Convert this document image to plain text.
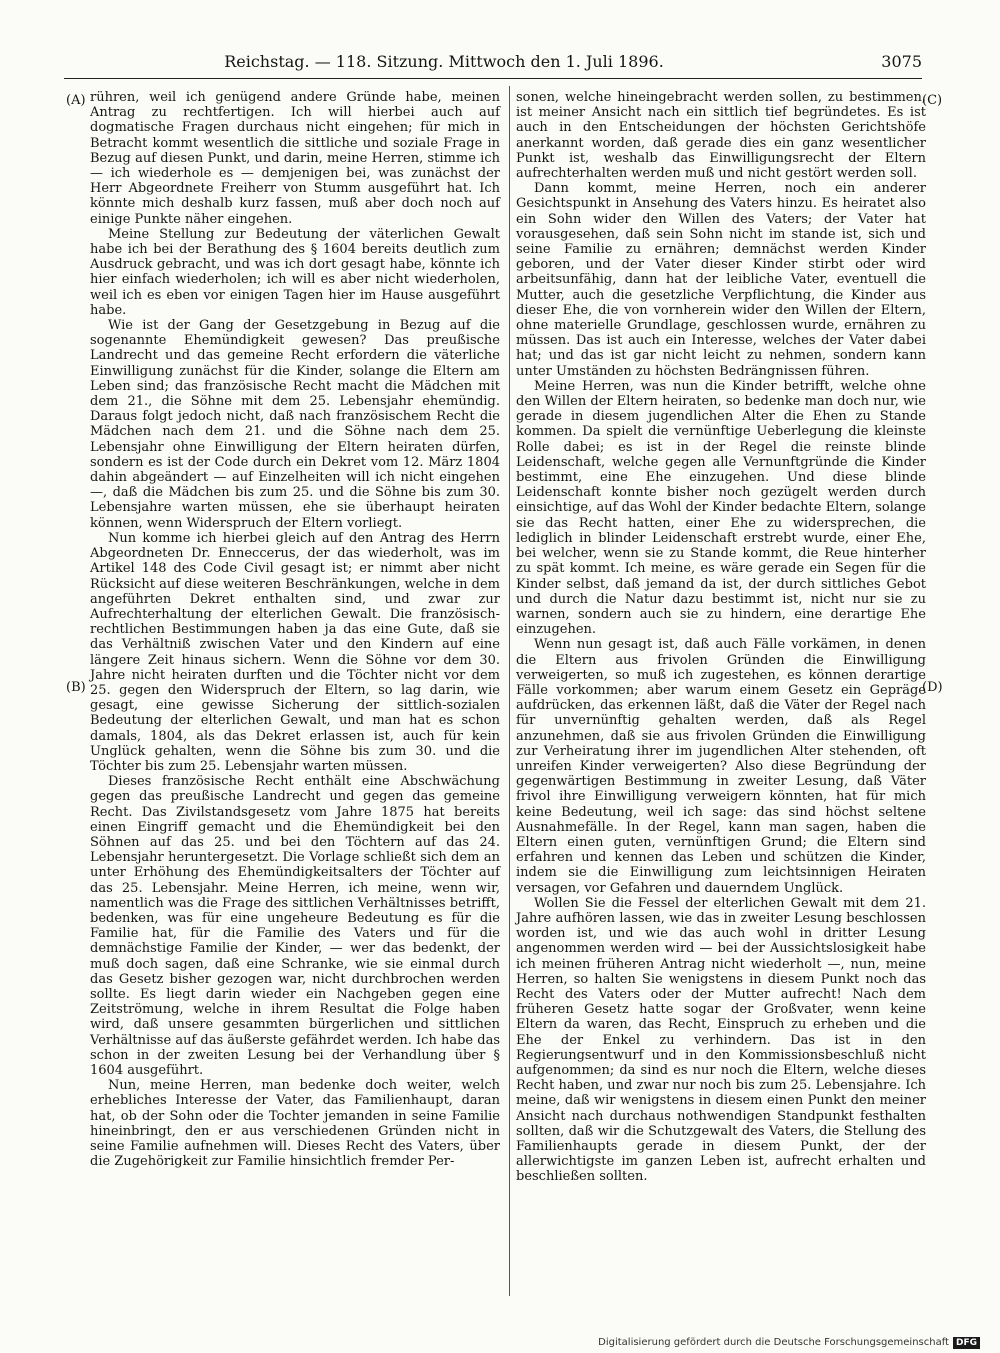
Reichstag. — 118. Sitzung. Mittwoch den 1. Juli 1896.	3075
(A)
(B)
(C)
(D)

rühren, weil ich genügend andere Gründe habe, meinen Antrag zu rechtfertigen. Ich will hierbei auch auf dogmatische Fragen durchaus nicht eingehen; für mich in Betracht kommt wesentlich die sittliche und soziale Frage in Bezug auf diesen Punkt, und darin, meine Herren, stimme ich — ich wiederhole es — demjenigen bei, was zunächst der Herr Abgeordnete Freiherr von Stumm ausgeführt hat. Ich könnte mich deshalb kurz fassen, muß aber doch noch auf einige Punkte näher eingehen.

Meine Stellung zur Bedeutung der väterlichen Gewalt habe ich bei der Berathung des § 1604 bereits deutlich zum Ausdruck gebracht, und was ich dort gesagt habe, könnte ich hier einfach wiederholen; ich will es aber nicht wiederholen, weil ich es eben vor einigen Tagen hier im Hause ausgeführt habe.

Wie ist der Gang der Gesetzgebung in Bezug auf die sogenannte Ehemündigkeit gewesen? Das preußische Landrecht und das gemeine Recht erfordern die väterliche Einwilligung zunächst für die Kinder, solange die Eltern am Leben sind; das französische Recht macht die Mädchen mit dem 21., die Söhne mit dem 25. Lebensjahr ehemündig. Daraus folgt jedoch nicht, daß nach französischem Recht die Mädchen nach dem 21. und die Söhne nach dem 25. Lebensjahr ohne Einwilligung der Eltern heiraten dürfen, sondern es ist der Code durch ein Dekret vom 12. März 1804 dahin abgeändert — auf Einzelheiten will ich nicht eingehen —, daß die Mädchen bis zum 25. und die Söhne bis zum 30. Lebensjahre warten müssen, ehe sie überhaupt heiraten können, wenn Widerspruch der Eltern vorliegt.

Nun komme ich hierbei gleich auf den Antrag des Herrn Abgeordneten Dr. Enneccerus, der das wiederholt, was im Artikel 148 des Code Civil gesagt ist; er nimmt aber nicht Rücksicht auf diese weiteren Beschränkungen, welche in dem angeführten Dekret enthalten sind, und zwar zur Aufrechterhaltung der elterlichen Gewalt. Die französisch-rechtlichen Bestimmungen haben ja das eine Gute, daß sie das Verhältniß zwischen Vater und den Kindern auf eine längere Zeit hinaus sichern. Wenn die Söhne vor dem 30. Jahre nicht heiraten durften und die Töchter nicht vor dem 25. gegen den Widerspruch der Eltern, so lag darin, wie gesagt, eine gewisse Sicherung der sittlich-sozialen Bedeutung der elterlichen Gewalt, und man hat es schon damals, 1804, als das Dekret erlassen ist, auch für kein Unglück gehalten, wenn die Söhne bis zum 30. und die Töchter bis zum 25. Lebensjahr warten müssen.

Dieses französische Recht enthält eine Abschwächung gegen das preußische Landrecht und gegen das gemeine Recht. Das Zivilstandsgesetz vom Jahre 1875 hat bereits einen Eingriff gemacht und die Ehemündigkeit bei den Söhnen auf das 25. und bei den Töchtern auf das 24. Lebensjahr heruntergesetzt. Die Vorlage schließt sich dem an unter Erhöhung des Ehemündigkeitsalters der Töchter auf das 25. Lebensjahr. Meine Herren, ich meine, wenn wir, namentlich was die Frage des sittlichen Verhältnisses betrifft, bedenken, was für eine ungeheure Bedeutung es für die Familie hat, für die Familie des Vaters und für die demnächstige Familie der Kinder, — wer das bedenkt, der muß doch sagen, daß eine Schranke, wie sie einmal durch das Gesetz bisher gezogen war, nicht durchbrochen werden sollte. Es liegt darin wieder ein Nachgeben gegen eine Zeitströmung, welche in ihrem Resultat die Folge haben wird, daß unsere gesammten bürgerlichen und sittlichen Verhältnisse auf das äußerste gefährdet werden. Ich habe das schon in der zweiten Lesung bei der Verhandlung über § 1604 ausgeführt.

Nun, meine Herren, man bedenke doch weiter, welch erhebliches Interesse der Vater, das Familienhaupt, daran hat, ob der Sohn oder die Tochter jemanden in seine Familie hineinbringt, den er aus verschiedenen Gründen nicht in seine Familie aufnehmen will. Dieses Recht des Vaters, über die Zugehörigkeit zur Familie hinsichtlich fremder Per-

sonen, welche hineingebracht werden sollen, zu bestimmen, ist meiner Ansicht nach ein sittlich tief begründetes. Es ist auch in den Entscheidungen der höchsten Gerichtshöfe anerkannt worden, daß gerade dies ein ganz wesentlicher Punkt ist, weshalb das Einwilligungsrecht der Eltern aufrechterhalten werden muß und nicht gestört werden soll.

Dann kommt, meine Herren, noch ein anderer Gesichtspunkt in Ansehung des Vaters hinzu. Es heiratet also ein Sohn wider den Willen des Vaters; der Vater hat vorausgesehen, daß sein Sohn nicht im stande ist, sich und seine Familie zu ernähren; demnächst werden Kinder geboren, und der Vater dieser Kinder stirbt oder wird arbeitsunfähig, dann hat der leibliche Vater, eventuell die Mutter, auch die gesetzliche Verpflichtung, die Kinder aus dieser Ehe, die von vornherein wider den Willen der Eltern, ohne materielle Grundlage, geschlossen wurde, ernähren zu müssen. Das ist auch ein Interesse, welches der Vater dabei hat; und das ist gar nicht leicht zu nehmen, sondern kann unter Umständen zu höchsten Bedrängnissen führen.

Meine Herren, was nun die Kinder betrifft, welche ohne den Willen der Eltern heiraten, so bedenke man doch nur, wie gerade in diesem jugendlichen Alter die Ehen zu Stande kommen. Da spielt die vernünftige Ueberlegung die kleinste Rolle dabei; es ist in der Regel die reinste blinde Leidenschaft, welche gegen alle Vernunftgründe die Kinder bestimmt, eine Ehe einzugehen. Und diese blinde Leidenschaft konnte bisher noch gezügelt werden durch einsichtige, auf das Wohl der Kinder bedachte Eltern, solange sie das Recht hatten, einer Ehe zu widersprechen, die lediglich in blinder Leidenschaft erstrebt wurde, einer Ehe, bei welcher, wenn sie zu Stande kommt, die Reue hinterher zu spät kommt. Ich meine, es wäre gerade ein Segen für die Kinder selbst, daß jemand da ist, der durch sittliches Gebot und durch die Natur dazu bestimmt ist, nicht nur sie zu warnen, sondern auch sie zu hindern, eine derartige Ehe einzugehen.

Wenn nun gesagt ist, daß auch Fälle vorkämen, in denen die Eltern aus frivolen Gründen die Einwilligung verweigerten, so muß ich zugestehen, es können derartige Fälle vorkommen; aber warum einem Gesetz ein Gepräge aufdrücken, das erkennen läßt, daß die Väter der Regel nach für unvernünftig gehalten werden, daß als Regel anzunehmen, daß sie aus frivolen Gründen die Einwilligung zur Verheiratung ihrer im jugendlichen Alter stehenden, oft unreifen Kinder verweigerten? Also diese Begründung der gegenwärtigen Bestimmung in zweiter Lesung, daß Väter frivol ihre Einwilligung verweigern könnten, hat für mich keine Bedeutung, weil ich sage: das sind höchst seltene Ausnahmefälle. In der Regel, kann man sagen, haben die Eltern einen guten, vernünftigen Grund; die Eltern sind erfahren und kennen das Leben und schützen die Kinder, indem sie die Einwilligung zum leichtsinnigen Heiraten versagen, vor Gefahren und dauerndem Unglück.

Wollen Sie die Fessel der elterlichen Gewalt mit dem 21. Jahre aufhören lassen, wie das in zweiter Lesung beschlossen worden ist, und wie das auch wohl in dritter Lesung angenommen werden wird — bei der Aussichtslosigkeit habe ich meinen früheren Antrag nicht wiederholt —, nun, meine Herren, so halten Sie wenigstens in diesem Punkt noch das Recht des Vaters oder der Mutter aufrecht! Nach dem früheren Gesetz hatte sogar der Großvater, wenn keine Eltern da waren, das Recht, Einspruch zu erheben und die Ehe der Enkel zu verhindern. Das ist in den Regierungsentwurf und in den Kommissionsbeschluß nicht aufgenommen; da sind es nur noch die Eltern, welche dieses Recht haben, und zwar nur noch bis zum 25. Lebensjahre. Ich meine, daß wir wenigstens in diesem einen Punkt den meiner Ansicht nach durchaus nothwendigen Standpunkt festhalten sollten, daß wir die Schutzgewalt des Vaters, die Stellung des Familienhaupts gerade in diesem Punkt, der der allerwichtigste im ganzen Leben ist, aufrecht erhalten und beschließen sollten.

Digitalisierung gefördert durch die Deutsche Forschungsgemeinschaft DFG
